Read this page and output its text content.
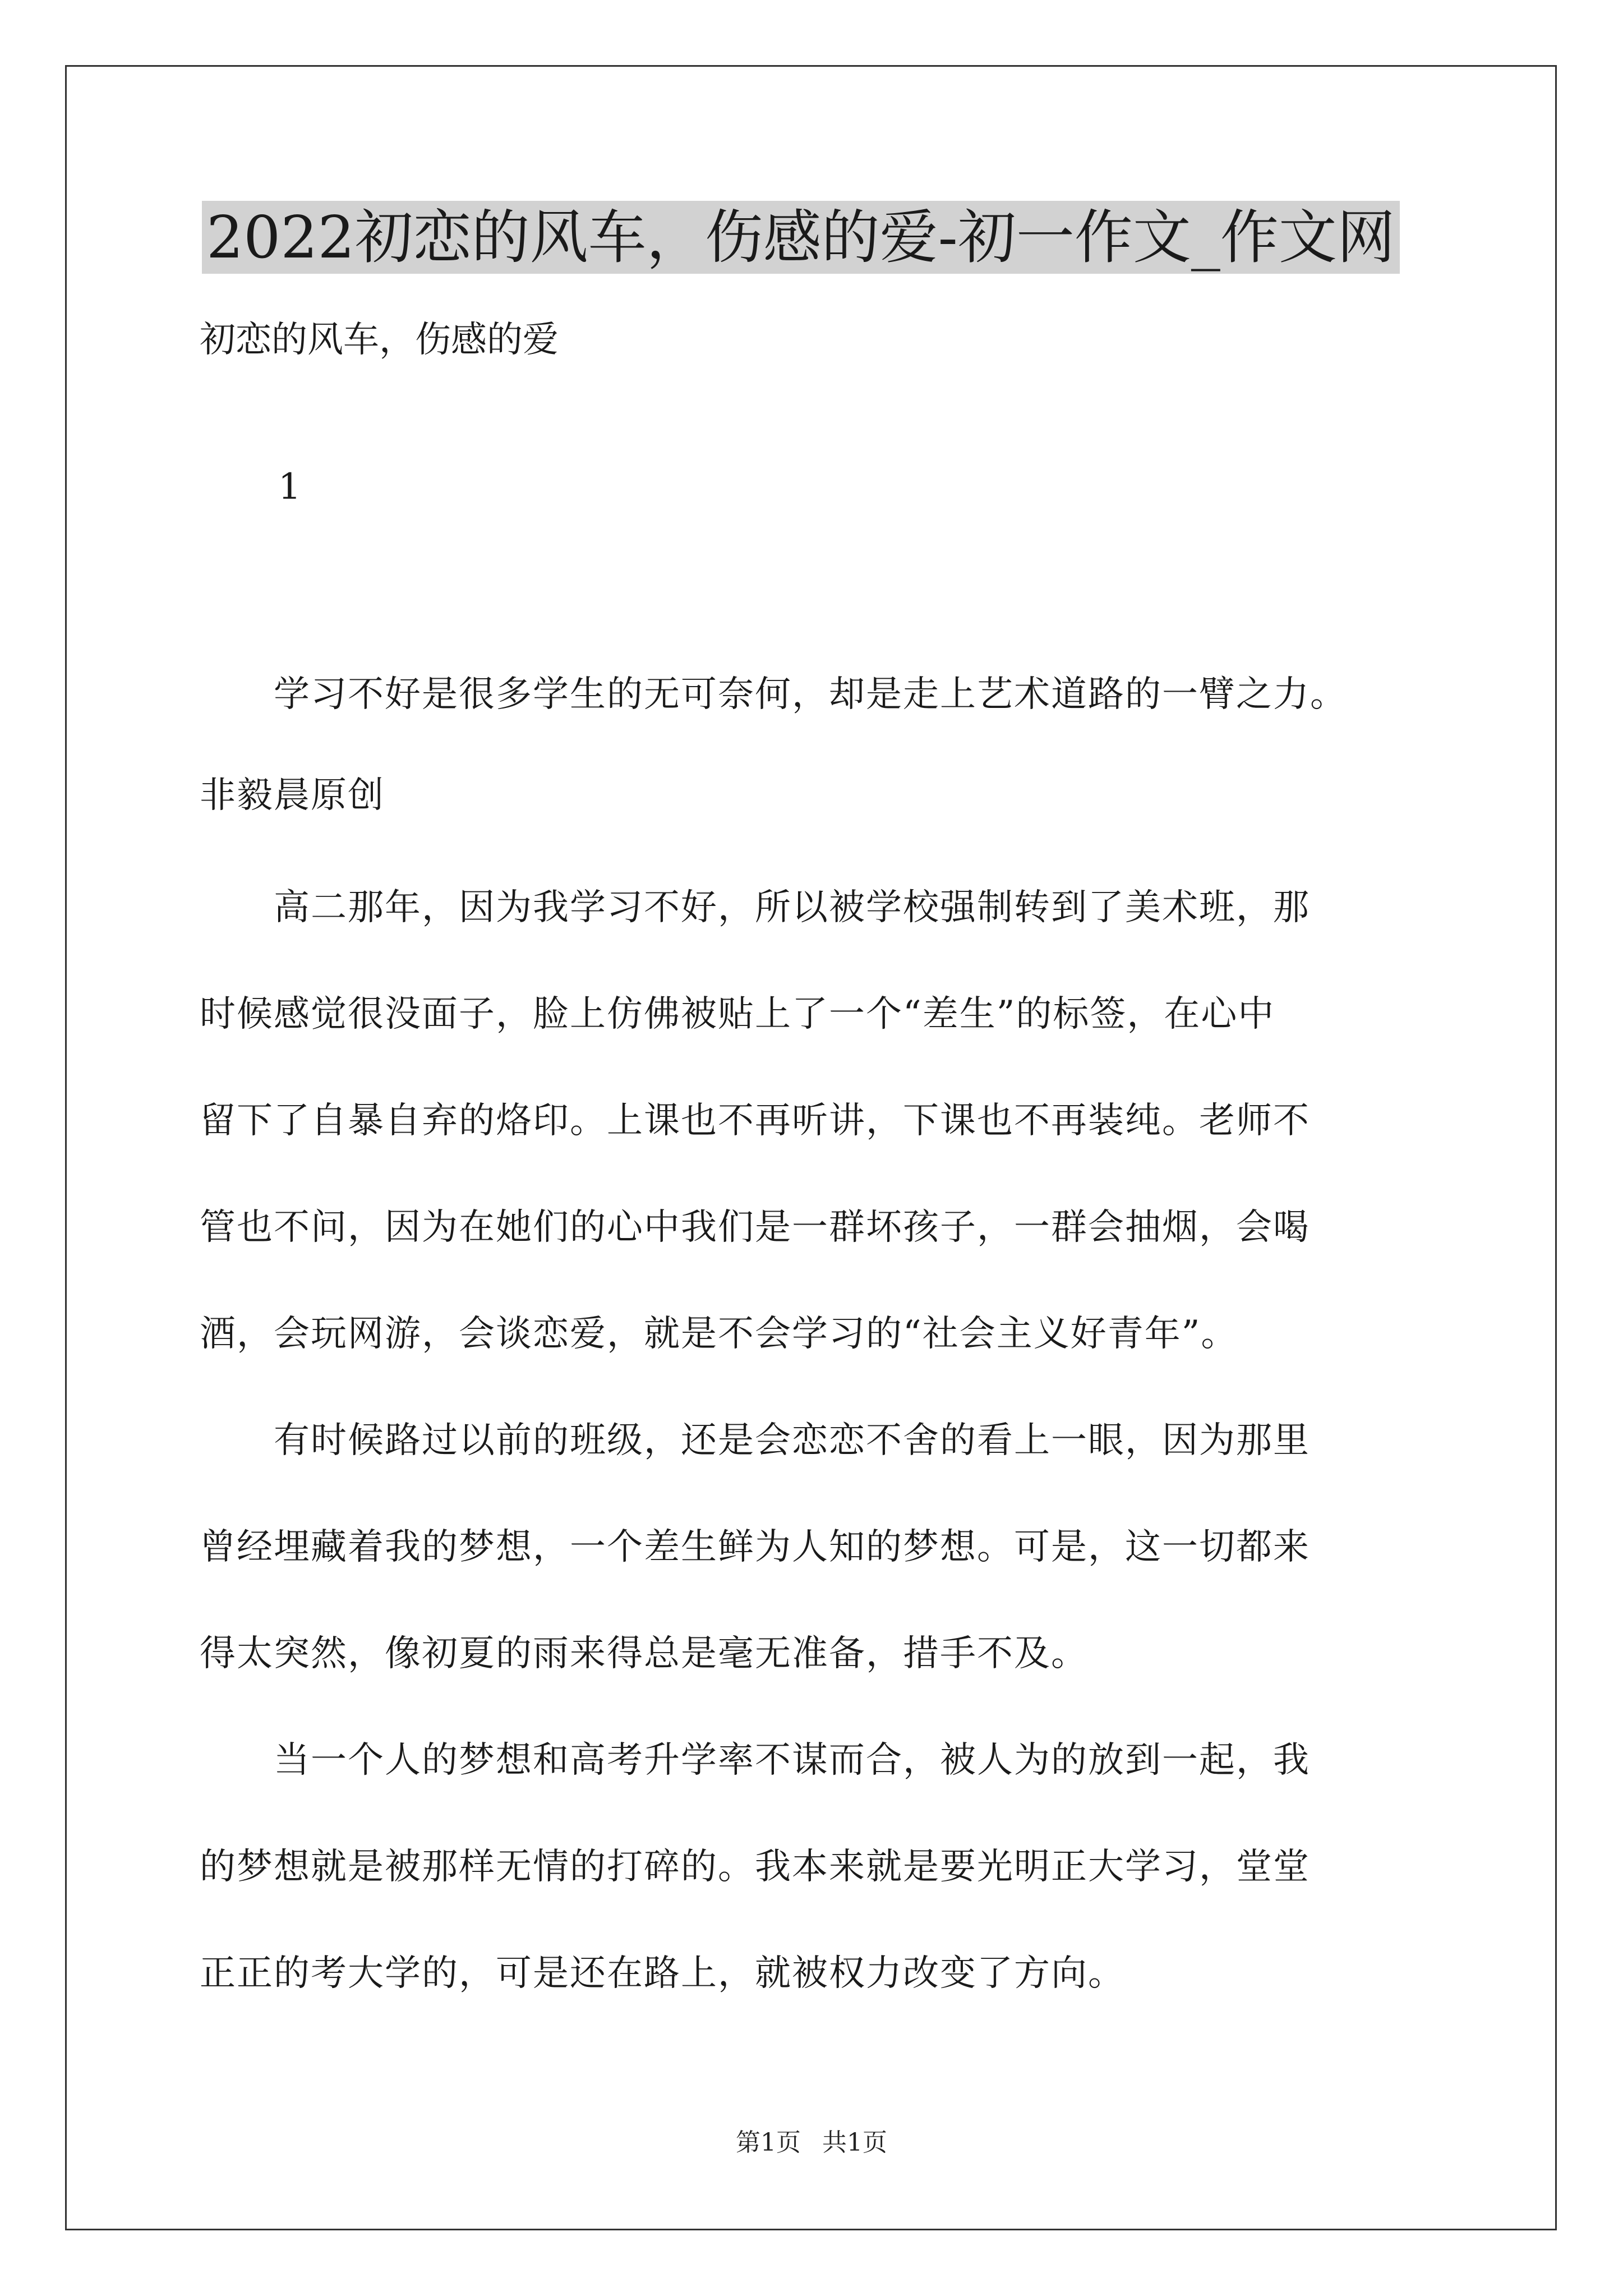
2022初恋的风车，伤感的爱-初一作文_作文网
初恋的风车，伤感的爱
1
　　学习不好是很多学生的无可奈何，却是走上艺术道路的一臂之力。
非毅晨原创
　　高二那年，因为我学习不好，所以被学校强制转到了美术班，那
时候感觉很没面子，脸上仿佛被贴上了一个“差生”的标签，在心中
留下了自暴自弃的烙印。上课也不再听讲，下课也不再装纯。老师不
管也不问，因为在她们的心中我们是一群坏孩子，一群会抽烟，会喝
酒，会玩网游，会谈恋爱，就是不会学习的“社会主义好青年”。
　　有时候路过以前的班级，还是会恋恋不舍的看上一眼，因为那里
曾经埋藏着我的梦想，一个差生鲜为人知的梦想。可是，这一切都来
得太突然，像初夏的雨来得总是毫无准备，措手不及。
　　当一个人的梦想和高考升学率不谋而合，被人为的放到一起，我
的梦想就是被那样无情的打碎的。我本来就是要光明正大学习，堂堂
正正的考大学的，可是还在路上，就被权力改变了方向。
第1页 共1页
